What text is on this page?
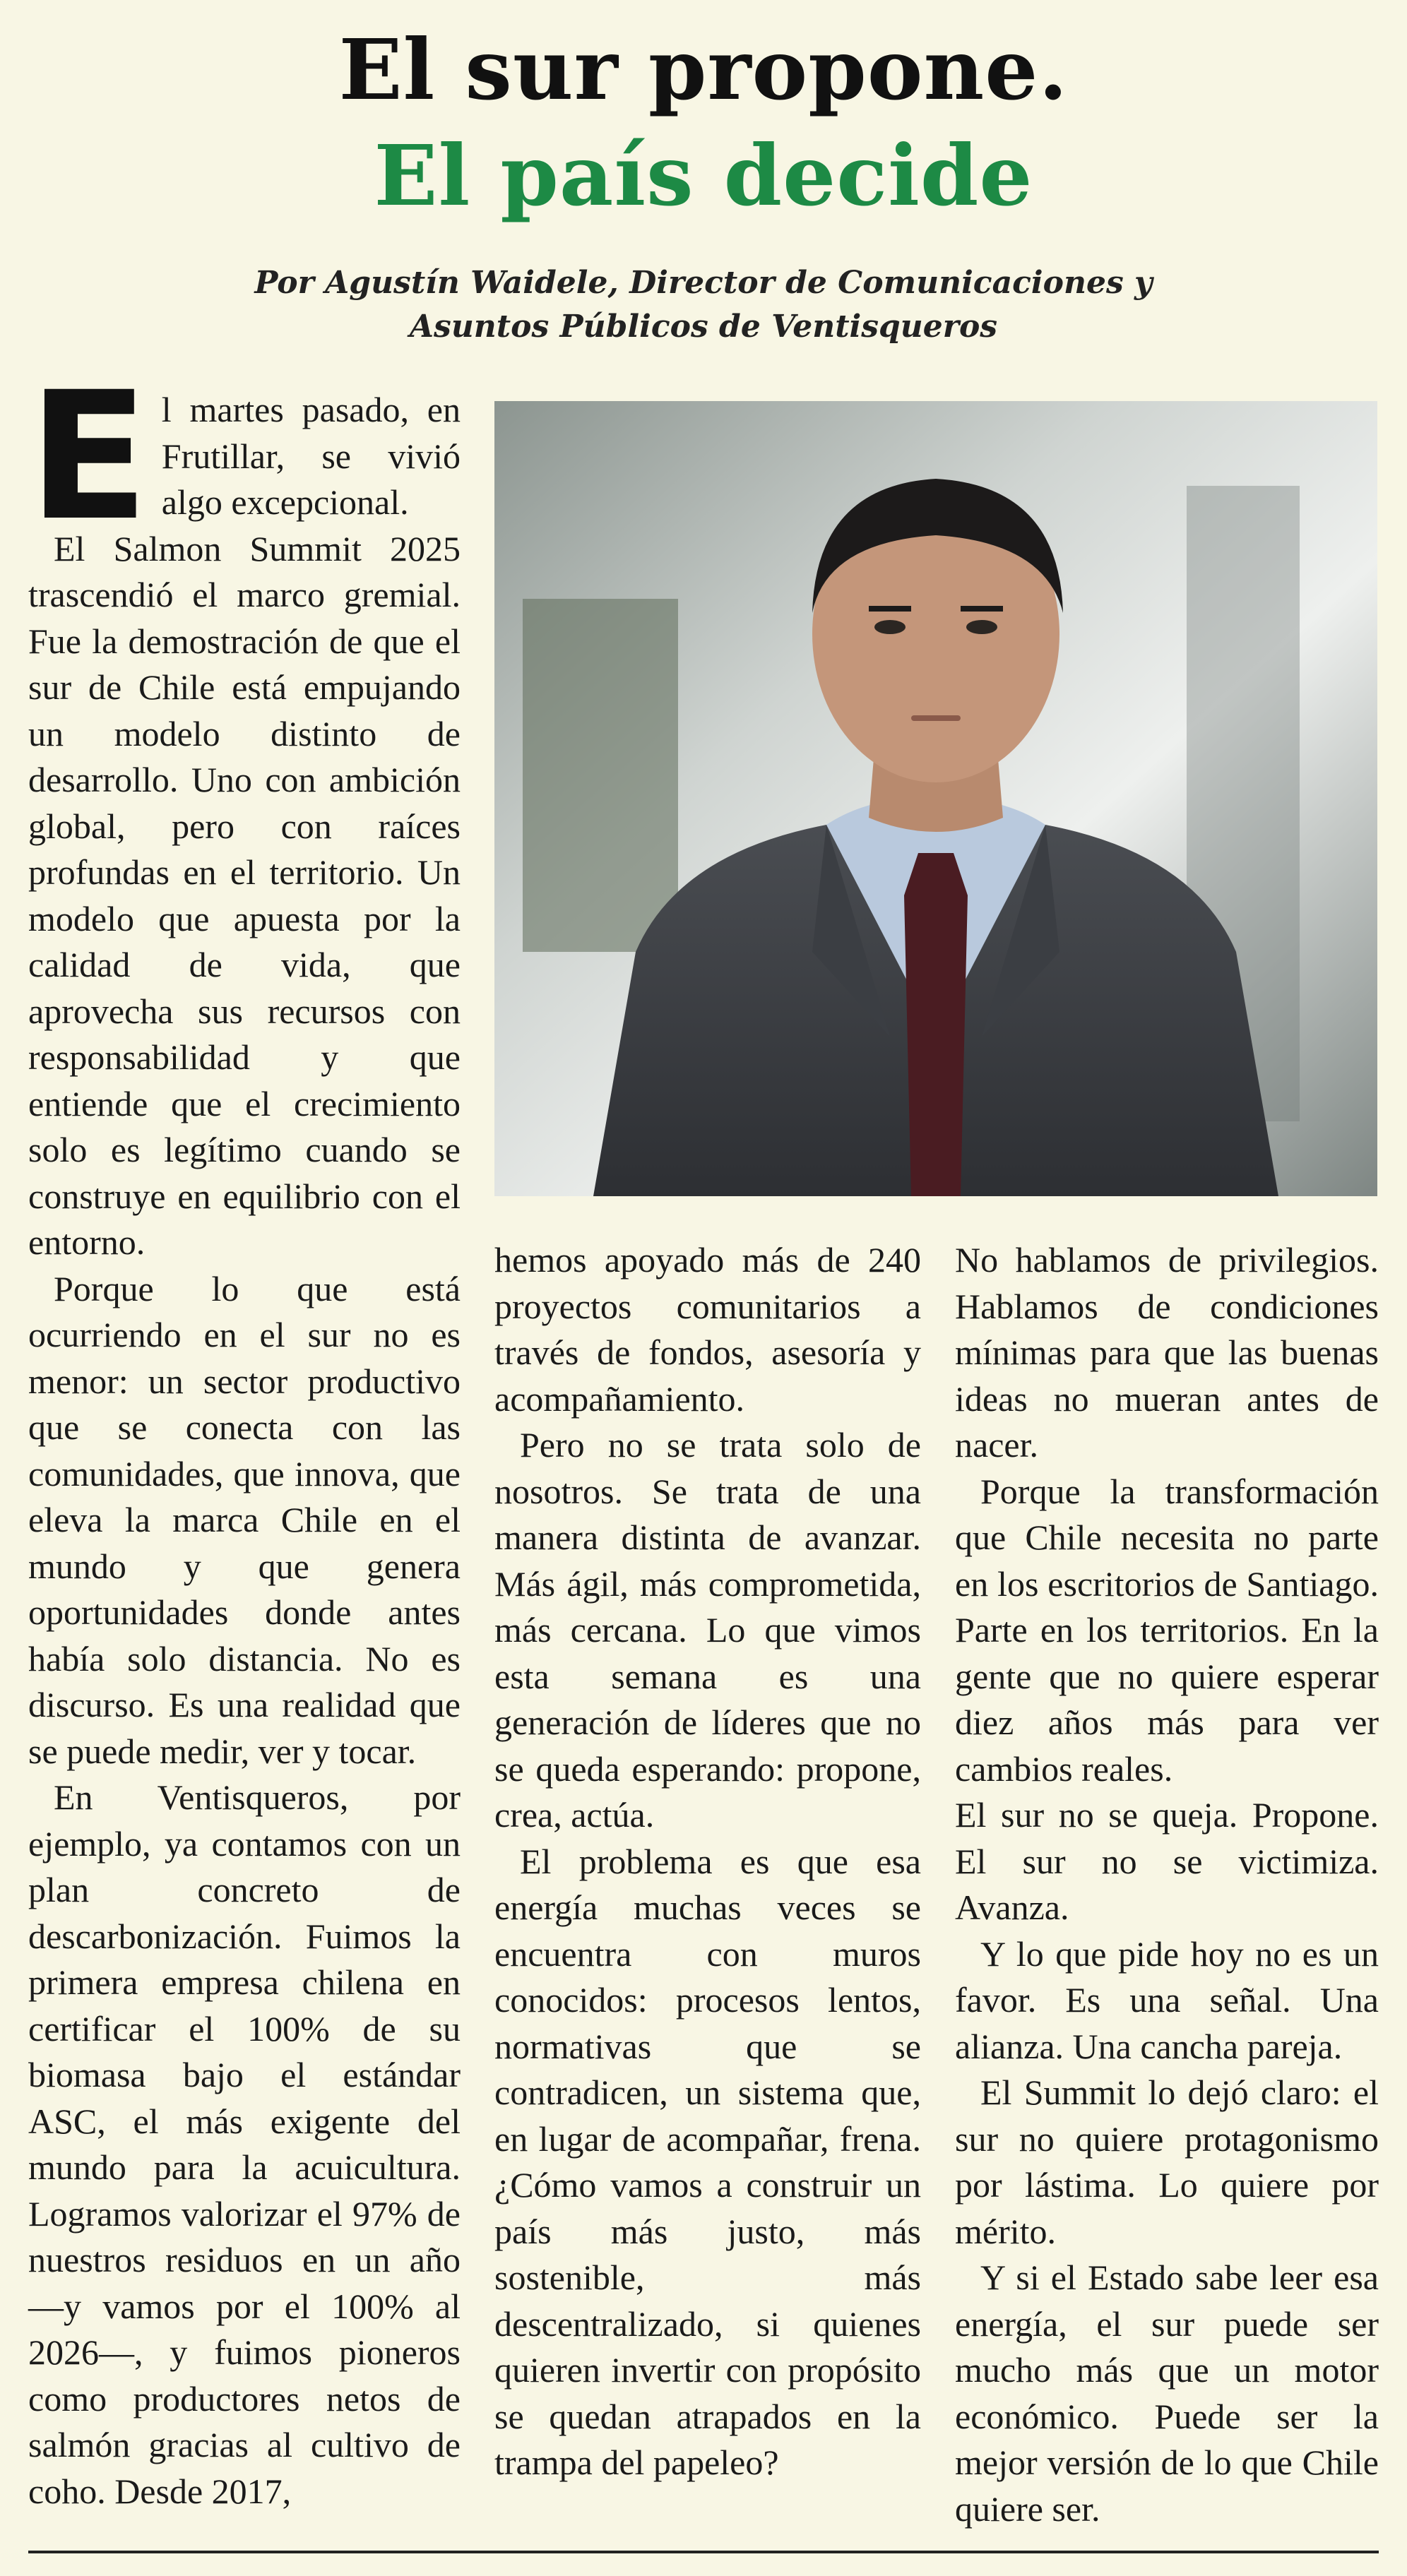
El sur propone.
El país decide
Por Agustín Waidele, Director de Comunicaciones y
Asuntos Públicos de Ventisqueros
E l martes pasado, en Frutillar, se vivió algo excepcional.

El Salmon Summit 2025 trascendió el marco gremial. Fue la demostración de que el sur de Chile está empujando un modelo distinto de desarrollo. Uno con ambición global, pero con raíces profundas en el territorio. Un modelo que apuesta por la calidad de vida, que aprovecha sus recursos con responsabilidad y que entiende que el crecimiento solo es legítimo cuando se construye en equilibrio con el entorno.

Porque lo que está ocurriendo en el sur no es menor: un sector productivo que se conecta con las comunidades, que innova, que eleva la marca Chile en el mundo y que genera oportunidades donde antes había solo distancia. No es discurso. Es una realidad que se puede medir, ver y tocar.

En Ventisqueros, por ejemplo, ya contamos con un plan concreto de descarbonización. Fuimos la primera empresa chilena en certificar el 100% de su biomasa bajo el estándar ASC, el más exigente del mundo para la acuicultura. Logramos valorizar el 97% de nuestros residuos en un año —y vamos por el 100% al 2026—, y fuimos pioneros como productores netos de salmón gracias al cultivo de coho. Desde 2017,

hemos apoyado más de 240 proyectos comunitarios a través de fondos, asesoría y acompañamiento.

Pero no se trata solo de nosotros. Se trata de una manera distinta de avanzar. Más ágil, más comprometida, más cercana. Lo que vimos esta semana es una generación de líderes que no se queda esperando: propone, crea, actúa.

El problema es que esa energía muchas veces se encuentra con muros conocidos: procesos lentos, normativas que se contradicen, un sistema que, en lugar de acompañar, frena. ¿Cómo vamos a construir un país más justo, más sostenible, más descentralizado, si quienes quieren invertir con propósito se quedan atrapados en la trampa del papeleo?

No hablamos de privilegios. Hablamos de condiciones mínimas para que las buenas ideas no mueran antes de nacer.

Porque la transformación que Chile necesita no parte en los escritorios de Santiago. Parte en los territorios. En la gente que no quiere esperar diez años más para ver cambios reales.

El sur no se queja. Propone. El sur no se victimiza. Avanza.

Y lo que pide hoy no es un favor. Es una señal. Una alianza. Una cancha pareja.

El Summit lo dejó claro: el sur no quiere protagonismo por lástima. Lo quiere por mérito.

Y si el Estado sabe leer esa energía, el sur puede ser mucho más que un motor económico. Puede ser la mejor versión de lo que Chile quiere ser.
